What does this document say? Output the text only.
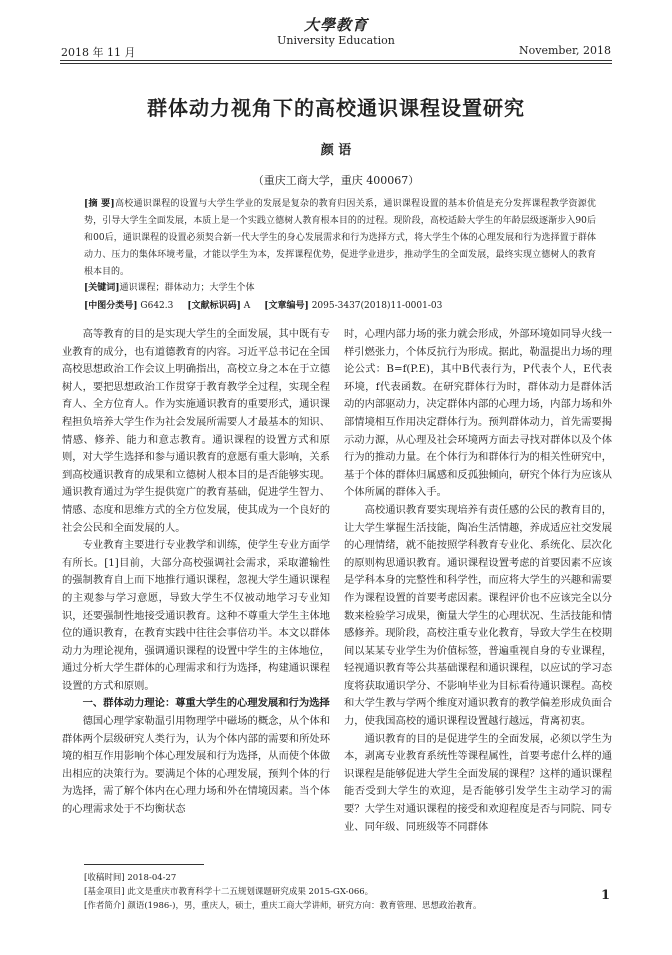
大學教育
University Education
2018 年 11 月	November, 2018
群体动力视角下的高校通识课程设置研究
颜 语
（重庆工商大学，重庆 400067）

[摘 要]高校通识课程的设置与大学生学业的发展是复杂的教育归因关系，通识课程设置的基本价值是充分发挥课程教学资源优势，引导大学生全面发展，本质上是一个实践立德树人教育根本目的的过程。现阶段，高校适龄大学生的年龄层级逐渐步入90后和00后，通识课程的设置必须契合新一代大学生的身心发展需求和行为选择方式，将大学生个体的心理发展和行为选择置于群体动力、压力的集体环境考量，才能以学生为本，发挥课程优势，促进学业进步，推动学生的全面发展，最终实现立德树人的教育根本目的。

[关键词]通识课程；群体动力；大学生个体
[中图分类号] G642.3 [文献标识码] A [文章编号] 2095-3437(2018)11-0001-03

高等教育的目的是实现大学生的全面发展，其中既有专业教育的成分，也有道德教育的内容。习近平总书记在全国高校思想政治工作会议上明确指出，高校立身之本在于立德树人，要把思想政治工作贯穿于教育教学全过程，实现全程育人、全方位育人。作为实施通识教育的重要形式，通识课程担负培养大学生作为社会发展所需要人才最基本的知识、情感、修养、能力和意志教育。通识课程的设置方式和原则，对大学生选择和参与通识教育的意愿有重大影响，关系到高校通识教育的成果和立德树人根本目的是否能够实现。通识教育通过为学生提供宽广的教育基础，促进学生智力、情感、态度和思维方式的全方位发展，使其成为一个良好的社会公民和全面发展的人。

专业教育主要进行专业教学和训练，使学生专业方面学有所长。[1]目前，大部分高校强调社会需求，采取灌输性的强制教育自上而下地推行通识课程，忽视大学生通识课程的主观参与学习意愿，导致大学生不仅被动地学习专业知识，还要强制性地接受通识教育。这种不尊重大学生主体地位的通识教育，在教育实践中往往会事倍功半。本文以群体动力为理论视角，强调通识课程的设置中学生的主体地位，通过分析大学生群体的心理需求和行为选择，构建通识课程设置的方式和原则。

一、群体动力理论：尊重大学生的心理发展和行为选择

德国心理学家勒温引用物理学中磁场的概念，从个体和群体两个层级研究人类行为，认为个体内部的需要和所处环境的相互作用影响个体心理发展和行为选择，从而使个体做出相应的决策行为。要满足个体的心理发展，预判个体的行为选择，需了解个体内在心理力场和外在情境因素。当个体的心理需求处于不均衡状态

时，心理内部力场的张力就会形成，外部环境如同导火线一样引燃张力，个体反抗行为形成。据此，勒温提出力场的理论公式：B=f(P.E)，其中B代表行为，P代表个人，E代表环境，f代表函数。在研究群体行为时，群体动力是群体活动的内部驱动力，决定群体内部的心理力场，内部力场和外部情境相互作用决定群体行为。预判群体动力，首先需要揭示动力源，从心理及社会环境两方面去寻找对群体以及个体行为的推动力量。在个体行为和群体行为的相关性研究中，基于个体的群体归属感和反孤独倾向，研究个体行为应该从个体所属的群体入手。

高校通识教育要实现培养有责任感的公民的教育目的，让大学生掌握生活技能，陶冶生活情趣，养成适应社交发展的心理情绪，就不能按照学科教育专业化、系统化、层次化的原则构思通识教育。通识课程设置考虑的首要因素不应该是学科本身的完整性和科学性，而应将大学生的兴趣和需要作为课程设置的首要考虑因素。课程评价也不应该完全以分数来检验学习成果，衡量大学生的心理状况、生活技能和情感修养。现阶段，高校注重专业化教育，导致大学生在校期间以某某专业学生为价值标签，普遍重视自身的专业课程，轻视通识教育等公共基础课程和通识课程，以应试的学习态度将获取通识学分、不影响毕业为目标看待通识课程。高校和大学生教与学两个维度对通识教育的教学偏差形成负面合力，使我国高校的通识课程设置越行越远，背离初衷。

通识教育的目的是促进学生的全面发展，必须以学生为本，剥离专业教育系统性等课程属性，首要考虑什么样的通识课程是能够促进大学生全面发展的课程？这样的通识课程能否受到大学生的欢迎，是否能够引发学生主动学习的需要？大学生对通识课程的接受和欢迎程度是否与同院、同专业、同年级、同班级等不同群体

[收稿时间] 2018-04-27
[基金项目] 此文是重庆市教育科学十二五规划课题研究成果 2015-GX-066。
[作者简介] 颜语(1986-)，男，重庆人，硕士，重庆工商大学讲师，研究方向：教育管理、思想政治教育。
1
